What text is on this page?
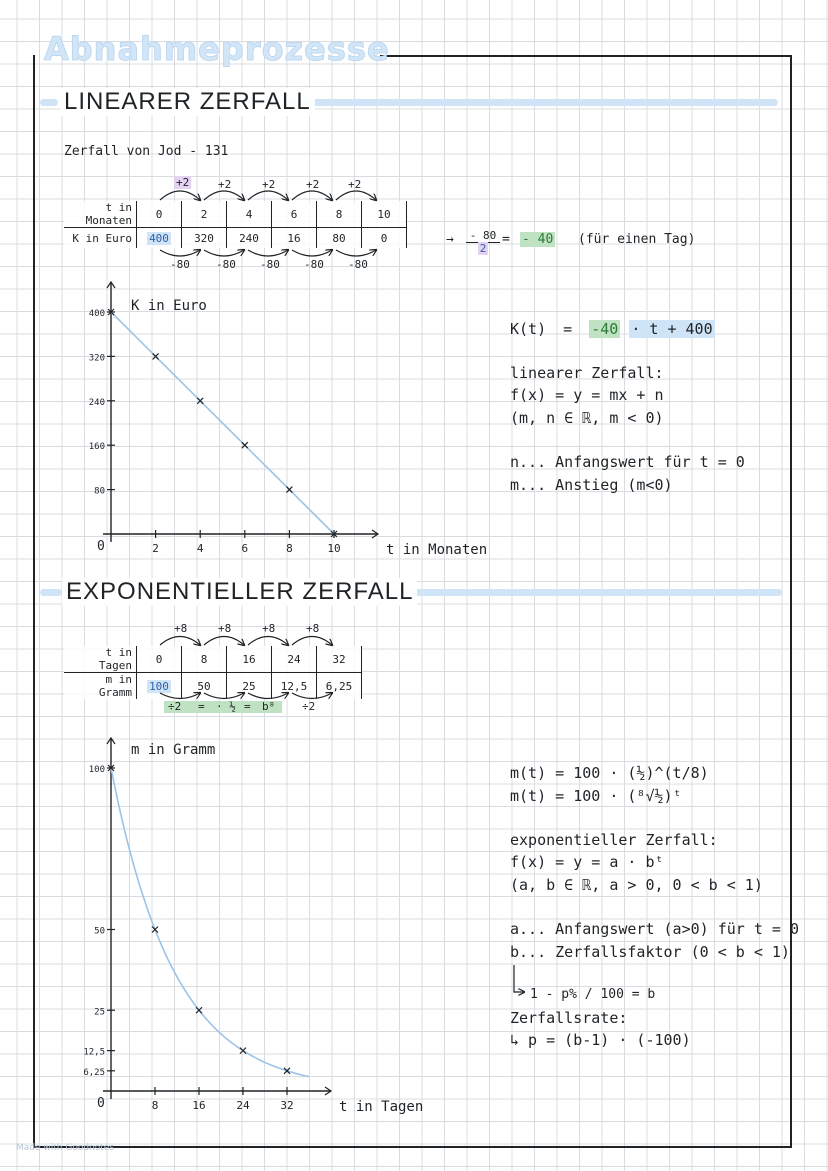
Abnahmeprozesse
LINEARER ZERFALL
Zerfall von Jod - 131
t in Monaten	0	2	4	6	8	10
K in Euro	400	320	240	16	80	0
+2	+2	+2	+2	+2
-80 -80 -80 -80 -80
→	- 80
2
= - 40 (für einen Tag)
K(t) = -40 · t + 400
linearer Zerfall:
f(x) = y = mx + n
(m, n ∈ ℝ, m < 0)
n... Anfangswert für t = 0
m... Anstieg (m<0)
EXPONENTIELLER ZERFALL
t in Tagen	0	8	16	24	32
m in Gramm	100	50	25	12,5	6,25
+8	+8	+8	+8
÷2 = · ½ = b⁸ ÷2
m(t) = 100 · (½)^(t/8)
m(t) = 100 · (⁸√½)ᵗ
exponentieller Zerfall:
f(x) = y = a · bᵗ
(a, b ∈ ℝ, a > 0, 0 < b < 1)
a... Anfangswert (a>0) für t = 0
b... Zerfallsfaktor (0 < b < 1)
1 - p% / 100 = b
Zerfallsrate:
↳ p = (b-1) · (-100)
2	4	6	8	10
80
160
240
320
400
0
K in Euro
t in Monaten
8	16	24	32
6,25
12,5
25
50
100
0
m in Gramm
t in Tagen
Made with Goodnotes
